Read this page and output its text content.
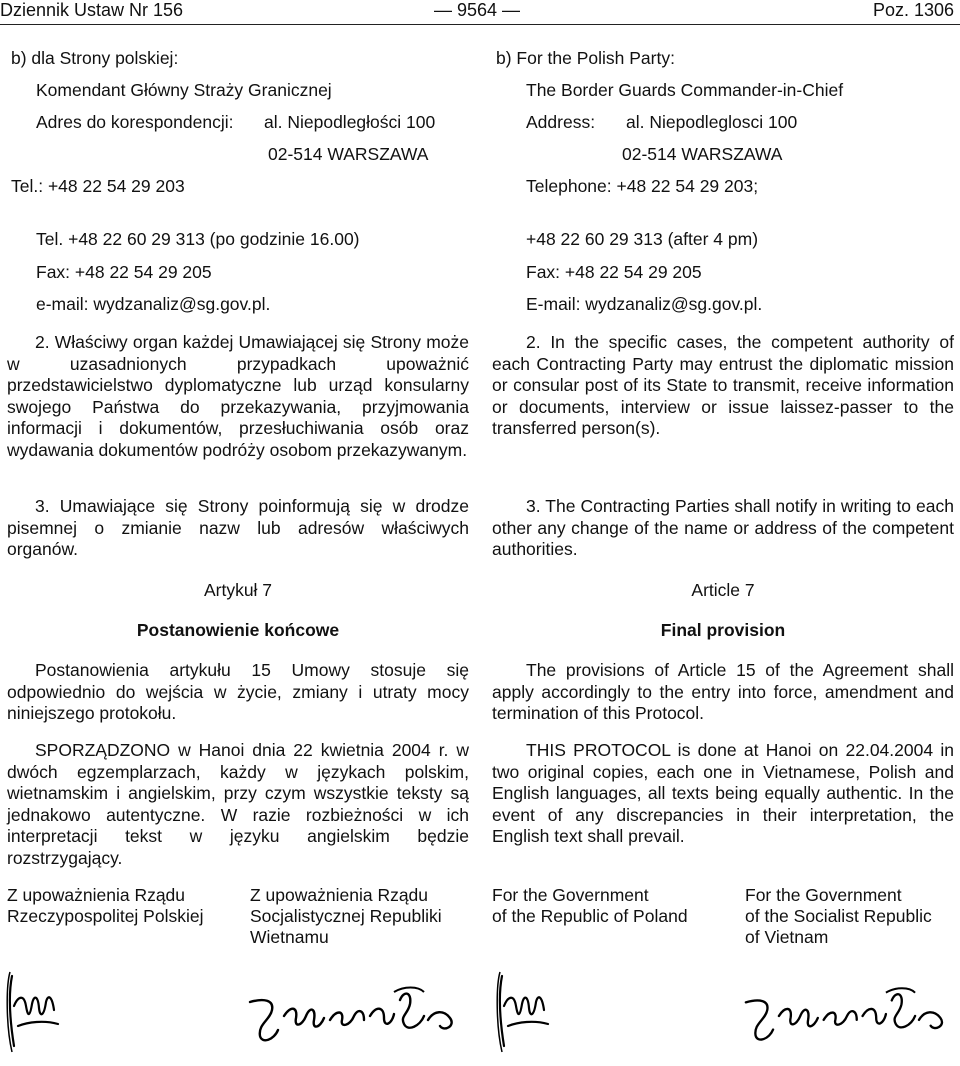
Dziennik Ustaw Nr 156	— 9564 —	Poz. 1306
b) dla Strony polskiej:
Komendant Główny Straży Granicznej
Adres do korespondencji: al. Niepodległości 100
02-514 WARSZAWA
Tel.: +48 22 54 29 203
Tel. +48 22 60 29 313 (po godzinie 16.00)
Fax: +48 22 54 29 205
e-mail: wydzanaliz@sg.gov.pl.
2. Właściwy organ każdej Umawiającej się Strony może w uzasadnionych przypadkach upoważnić przedstawicielstwo dyplomatyczne lub urząd konsularny swojego Państwa do przekazywania, przyjmowania informacji i dokumentów, przesłuchiwania osób oraz wydawania dokumentów podróży osobom przekazywanym.
3. Umawiające się Strony poinformują się w drodze pisemnej o zmianie nazw lub adresów właściwych organów.
Artykuł 7
Postanowienie końcowe
Postanowienia artykułu 15 Umowy stosuje się odpowiednio do wejścia w życie, zmiany i utraty mocy niniejszego protokołu.
SPORZĄDZONO w Hanoi dnia 22 kwietnia 2004 r. w dwóch egzemplarzach, każdy w językach polskim, wietnamskim i angielskim, przy czym wszystkie teksty są jednakowo autentyczne. W razie rozbieżności w ich interpretacji tekst w języku angielskim będzie rozstrzygający.
Z upoważnienia Rządu
Rzeczypospolitej Polskiej
Z upoważnienia Rządu
Socjalistycznej Republiki
Wietnamu
b) For the Polish Party:
The Border Guards Commander-in-Chief
Address: al. Niepodleglosci 100
02-514 WARSZAWA
Telephone: +48 22 54 29 203;
+48 22 60 29 313 (after 4 pm)
Fax: +48 22 54 29 205
E-mail: wydzanaliz@sg.gov.pl.
2. In the specific cases, the competent authority of each Contracting Party may entrust the diplomatic mission or consular post of its State to transmit, receive information or documents, interview or issue laissez-passer to the transferred person(s).
3. The Contracting Parties shall notify in writing to each other any change of the name or address of the competent authorities.
Article 7
Final provision
The provisions of Article 15 of the Agreement shall apply accordingly to the entry into force, amendment and termination of this Protocol.
THIS PROTOCOL is done at Hanoi on 22.04.2004 in two original copies, each one in Vietnamese, Polish and English languages, all texts being equally authentic. In the event of any discrepancies in their interpretation, the English text shall prevail.
For the Government
of the Republic of Poland
For the Government
of the Socialist Republic
of Vietnam
